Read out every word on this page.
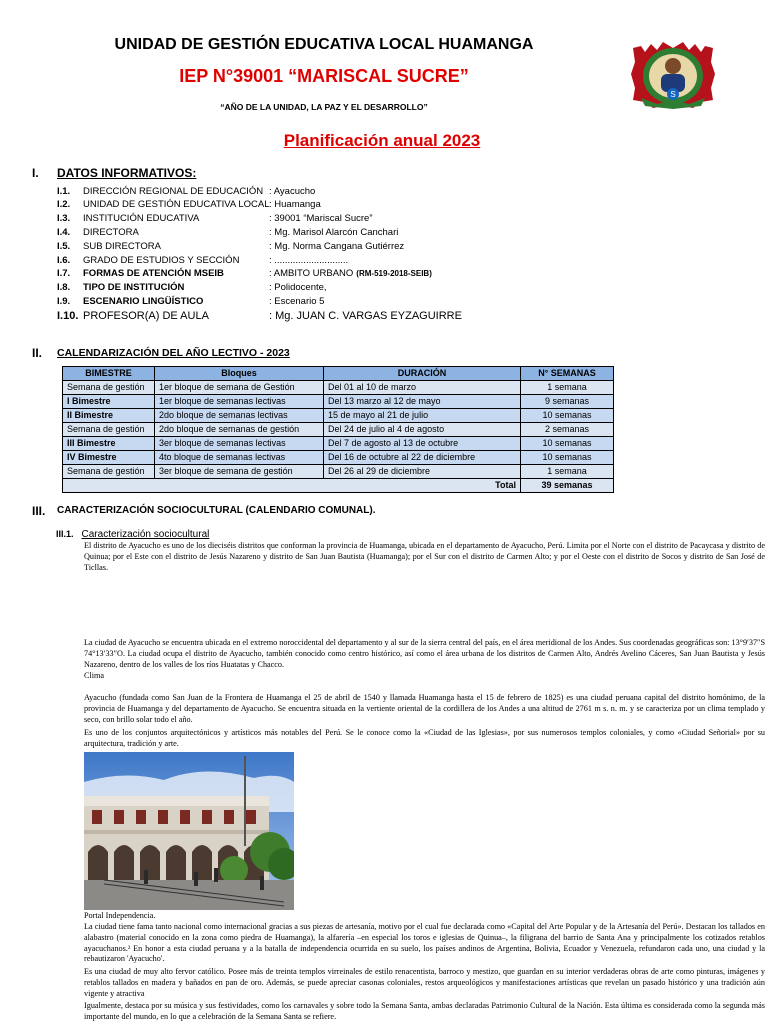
UNIDAD DE GESTIÓN EDUCATIVA LOCAL HUAMANGA
IEP N°39001 “MARISCAL SUCRE”
“AÑO DE LA UNIDAD, LA PAZ Y EL DESARROLLO”
Planificación anual 2023
S
I. DATOS INFORMATIVOS:
I.1. DIRECCIÓN REGIONAL DE EDUCACIÓN : Ayacucho
I.2. UNIDAD DE GESTIÓN EDUCATIVA LOCAL : Huamanga
I.3. INSTITUCIÓN EDUCATIVA	: 39001 “Mariscal Sucre”
I.4. DIRECTORA	: Mg. Marisol Alarcón Canchari
I.5. SUB DIRECTORA	: Mg. Norma Cangana Gutiérrez
I.6. GRADO DE ESTUDIOS Y SECCIÓN	: ............................
I.7. FORMAS DE ATENCIÓN MSEIB	: AMBITO URBANO (RM-519-2018-SEIB)
I.8. TIPO DE INSTITUCIÓN	: Polidocente,
I.9. ESCENARIO LINGÜÍSTICO	: Escenario 5
I.10. PROFESOR(A) DE AULA	: Mg. JUAN C. VARGAS EYZAGUIRRE
II. CALENDARIZACIÓN DEL AÑO LECTIVO - 2023
BIMESTRE	Bloques	DURACIÓN	N° SEMANAS
Semana de gestión	1er bloque de semana de Gestión	Del 01 al 10 de marzo	1 semana
I Bimestre	1er bloque de semanas lectivas	Del 13 marzo al 12 de mayo	9 semanas
II Bimestre	2do bloque de semanas lectivas	15 de mayo al 21 de julio	10 semanas
Semana de gestión	2do bloque de semanas de gestión	Del 24 de julio al 4 de agosto	2 semanas
III Bimestre	3er bloque de semanas lectivas	Del 7 de agosto al 13 de octubre	10 semanas
IV Bimestre	4to bloque de semanas lectivas	Del 16 de octubre al 22 de diciembre	10 semanas
Semana de gestión	3er bloque de semana de gestión	Del 26 al 29 de diciembre	1 semana
Total			39 semanas
III. CARACTERIZACIÓN SOCIOCULTURAL (CALENDARIO COMUNAL).
III.1. Caracterización sociocultural
El distrito de Ayacucho es uno de los dieciséis distritos que conforman la provincia de Huamanga, ubicada en el departamento de Ayacucho, Perú. Limita por el Norte con el distrito de Pacaycasa y distrito de Quinua; por el Este con el distrito de Jesús Nazareno y distrito de San Juan Bautista (Huamanga); por el Sur con el distrito de Carmen Alto; y por el Oeste con el distrito de Socos y distrito de San José de Ticllas.
La ciudad de Ayacucho se encuentra ubicada en el extremo noroccidental del departamento y al sur de la sierra central del país, en el área meridional de los Andes. Sus coordenadas geográficas son: 13°9′37″S 74°13′33″O. La ciudad ocupa el distrito de Ayacucho, también conocido como centro histórico, así como el área urbana de los distritos de Carmen Alto, Andrés Avelino Cáceres, San Juan Bautista y Jesús Nazareno, dentro de los valles de los ríos Huatatas y Chacco.
Clima
Ayacucho (fundada como San Juan de la Frontera de Huamanga el 25 de abril de 1540 y llamada Huamanga hasta el 15 de febrero de 1825) es una ciudad peruana capital del distrito homónimo, de la provincia de Huamanga y del departamento de Ayacucho. Se encuentra situada en la vertiente oriental de la cordillera de los Andes a una altitud de 2761 m s. n. m. y se caracteriza por un clima templado y seco, con brillo solar todo el año.
Es uno de los conjuntos arquitectónicos y artísticos más notables del Perú. Se le conoce como la «Ciudad de las Iglesias», por sus numerosos templos coloniales, y como «Ciudad Señorial» por su arquitectura, tradición y arte.
Portal Independencia.
La ciudad tiene fama tanto nacional como internacional gracias a sus piezas de artesanía, motivo por el cual fue declarada como «Capital del Arte Popular y de la Artesanía del Perú». Destacan los tallados en alabastro (material conocido en la zona como piedra de Huamanga), la alfarería –en especial los toros e iglesias de Quinua–, la filigrana del barrio de Santa Ana y principalmente los cotizados retablos ayacuchanos.² En honor a esta ciudad peruana y a la batalla de independencia ocurrida en su suelo, los países andinos de Argentina, Bolivia, Ecuador y Venezuela, refundaron cada uno, una ciudad y la rebautizaron 'Ayacucho'.
Es una ciudad de muy alto fervor católico. Posee más de treinta templos virreinales de estilo renacentista, barroco y mestizo, que guardan en su interior verdaderas obras de arte como pinturas, imágenes y retablos tallados en madera y bañados en pan de oro. Además, se puede apreciar casonas coloniales, restos arqueológicos y manifestaciones artísticas que revelan un pasado histórico y una tradición aún vigente y atractiva
Igualmente, destaca por su música y sus festividades, como los carnavales y sobre todo la Semana Santa, ambas declaradas Patrimonio Cultural de la Nación. Esta última es considerada como la segunda más importante del mundo, en lo que a celebración de la Semana Santa se refiere.
